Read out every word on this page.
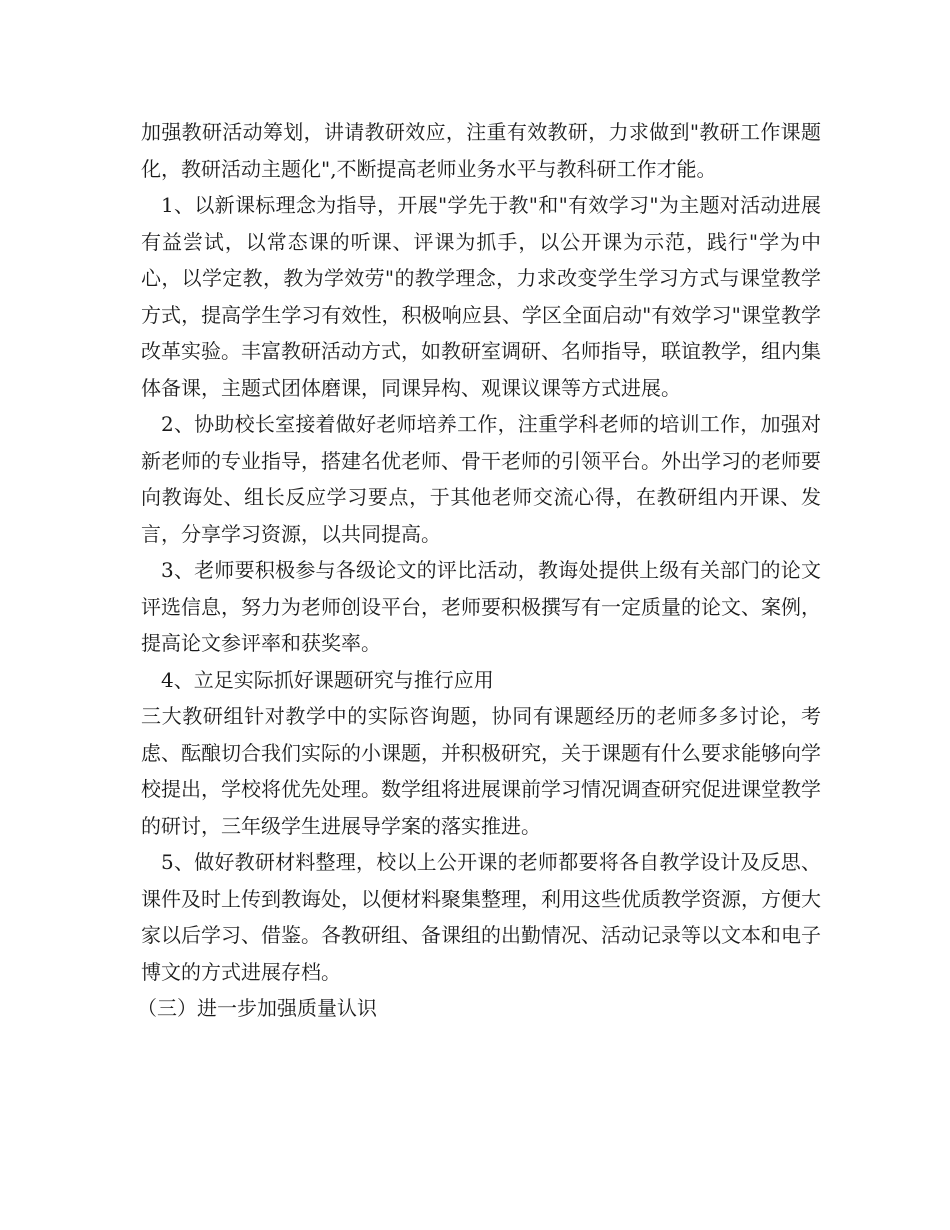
加强教研活动筹划，讲请教研效应，注重有效教研，力求做到"教研工作课题化，教研活动主题化",不断提高老师业务水平与教科研工作才能。

1、以新课标理念为指导，开展"学先于教"和"有效学习"为主题对活动进展有益尝试，以常态课的听课、评课为抓手，以公开课为示范，践行"学为中心，以学定教，教为学效劳"的教学理念，力求改变学生学习方式与课堂教学方式，提高学生学习有效性，积极响应县、学区全面启动"有效学习"课堂教学改革实验。丰富教研活动方式，如教研室调研、名师指导，联谊教学，组内集体备课，主题式团体磨课，同课异构、观课议课等方式进展。

2、协助校长室接着做好老师培养工作，注重学科老师的培训工作，加强对新老师的专业指导，搭建名优老师、骨干老师的引领平台。外出学习的老师要向教诲处、组长反应学习要点，于其他老师交流心得，在教研组内开课、发言，分享学习资源，以共同提高。

3、老师要积极参与各级论文的评比活动，教诲处提供上级有关部门的论文评选信息，努力为老师创设平台，老师要积极撰写有一定质量的论文、案例，提高论文参评率和获奖率。

4、立足实际抓好课题研究与推行应用

三大教研组针对教学中的实际咨询题，协同有课题经历的老师多多讨论，考虑、酝酿切合我们实际的小课题，并积极研究，关于课题有什么要求能够向学校提出，学校将优先处理。数学组将进展课前学习情况调查研究促进课堂教学的研讨，三年级学生进展导学案的落实推进。

5、做好教研材料整理，校以上公开课的老师都要将各自教学设计及反思、课件及时上传到教诲处，以便材料聚集整理，利用这些优质教学资源，方便大家以后学习、借鉴。各教研组、备课组的出勤情况、活动记录等以文本和电子博文的方式进展存档。

（三）进一步加强质量认识
